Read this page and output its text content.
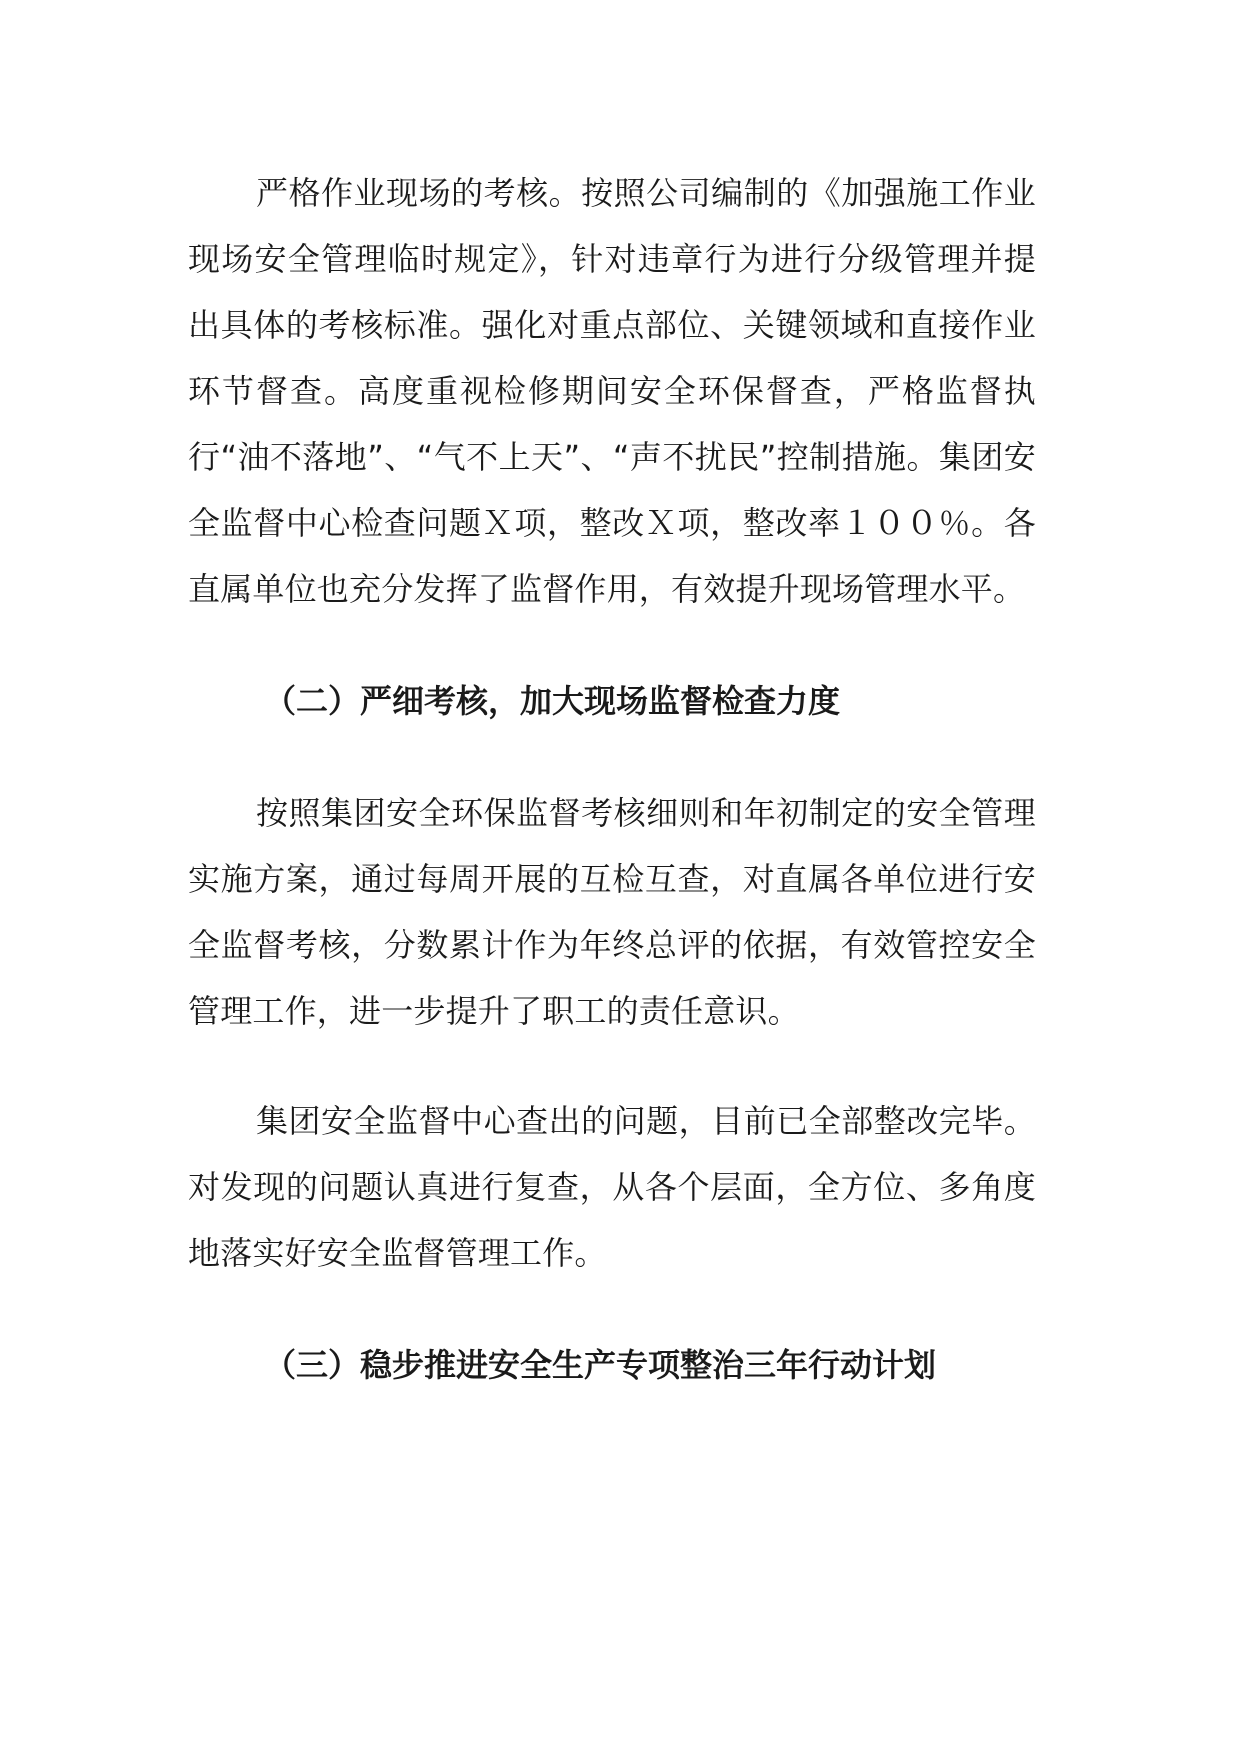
严格作业现场的考核。按照公司编制的《加强施工作业现场安全管理临时规定》，针对违章行为进行分级管理并提出具体的考核标准。强化对重点部位、关键领域和直接作业环节督查。高度重视检修期间安全环保督查，严格监督执行“油不落地”、“气不上天”、“声不扰民”控制措施。集团安全监督中心检查问题Ｘ项，整改Ｘ项，整改率１００％。各直属单位也充分发挥了监督作用，有效提升现场管理水平。

（二）严细考核，加大现场监督检查力度

按照集团安全环保监督考核细则和年初制定的安全管理实施方案，通过每周开展的互检互查，对直属各单位进行安全监督考核，分数累计作为年终总评的依据，有效管控安全管理工作，进一步提升了职工的责任意识。

集团安全监督中心查出的问题，目前已全部整改完毕。对发现的问题认真进行复查，从各个层面，全方位、多角度地落实好安全监督管理工作。

（三）稳步推进安全生产专项整治三年行动计划
